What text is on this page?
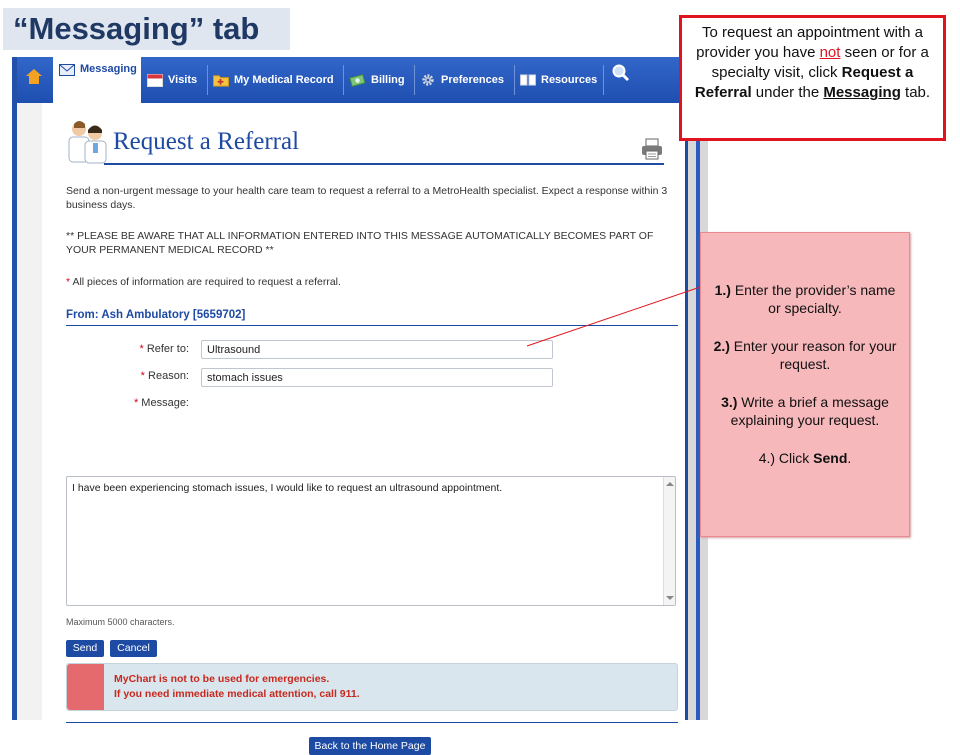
“Messaging” tab
Messaging
Visits	✚ My Medical Record	Billing	Preferences	Resources
Request a Referral
Send a non-urgent message to your health care team to request a referral to a MetroHealth specialist. Expect a response within 3 business days.
** PLEASE BE AWARE THAT ALL INFORMATION ENTERED INTO THIS MESSAGE AUTOMATICALLY BECOMES PART OF YOUR PERMANENT MEDICAL RECORD **
* All pieces of information are required to request a referral.
From: Ash Ambulatory [5659702]
* Refer to:	Ultrasound
* Reason:	stomach issues
* Message:
I have been experiencing stomach issues, I would like to request an ultrasound appointment.
Maximum 5000 characters.
Send	Cancel
MyChart is not to be used for emergencies.
If you need immediate medical attention, call 911.
Back to the Home Page
To request an appointment with a provider you have not seen or for a specialty visit, click Request a Referral under the Messaging tab.

1.) Enter the provider’s name or specialty.

2.) Enter your reason for your request.

3.) Write a brief a message explaining your request.

4.) Click Send.
